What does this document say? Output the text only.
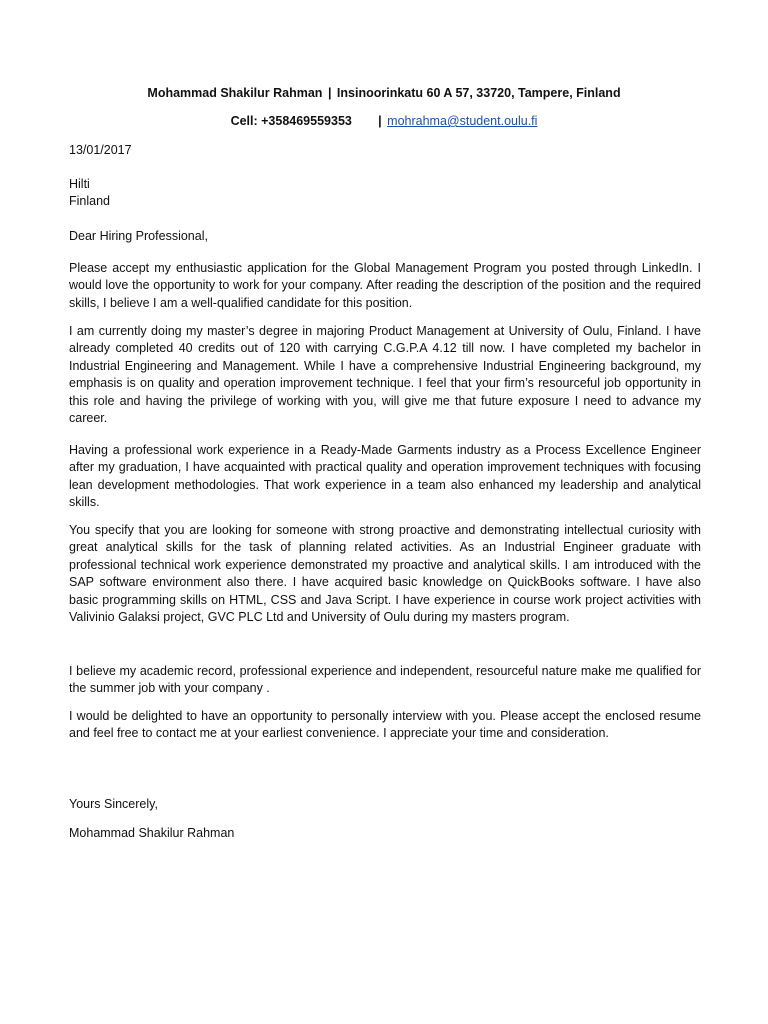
Mohammad Shakilur Rahman | Insinoorinkatu 60 A 57, 33720, Tampere, Finland
Cell: +358469559353 | mohrahma@student.oulu.fi
13/01/2017
Hilti
Finland
Dear Hiring Professional,
Please accept my enthusiastic application for the Global Management Program you posted through LinkedIn. I would love the opportunity to work for your company. After reading the description of the position and the required skills, I believe I am a well-qualified candidate for this position.
I am currently doing my master’s degree in majoring Product Management at University of Oulu, Finland. I have already completed 40 credits out of 120 with carrying C.G.P.A 4.12 till now. I have completed my bachelor in Industrial Engineering and Management. While I have a comprehensive Industrial Engineering background, my emphasis is on quality and operation improvement technique. I feel that your firm’s resourceful job opportunity in this role and having the privilege of working with you, will give me that future exposure I need to advance my career.
Having a professional work experience in a Ready-Made Garments industry as a Process Excellence Engineer after my graduation, I have acquainted with practical quality and operation improvement techniques with focusing lean development methodologies. That work experience in a team also enhanced my leadership and analytical skills.
You specify that you are looking for someone with strong proactive and demonstrating intellectual curiosity with great analytical skills for the task of planning related activities. As an Industrial Engineer graduate with professional technical work experience demonstrated my proactive and analytical skills. I am introduced with the SAP software environment also there. I have acquired basic knowledge on QuickBooks software. I have also basic programming skills on HTML, CSS and Java Script. I have experience in course work project activities with Valivinio Galaksi project, GVC PLC Ltd and University of Oulu during my masters program.
I believe my academic record, professional experience and independent, resourceful nature make me qualified for the summer job with your company .
I would be delighted to have an opportunity to personally interview with you. Please accept the enclosed resume and feel free to contact me at your earliest convenience. I appreciate your time and consideration.
Yours Sincerely,
Mohammad Shakilur Rahman
